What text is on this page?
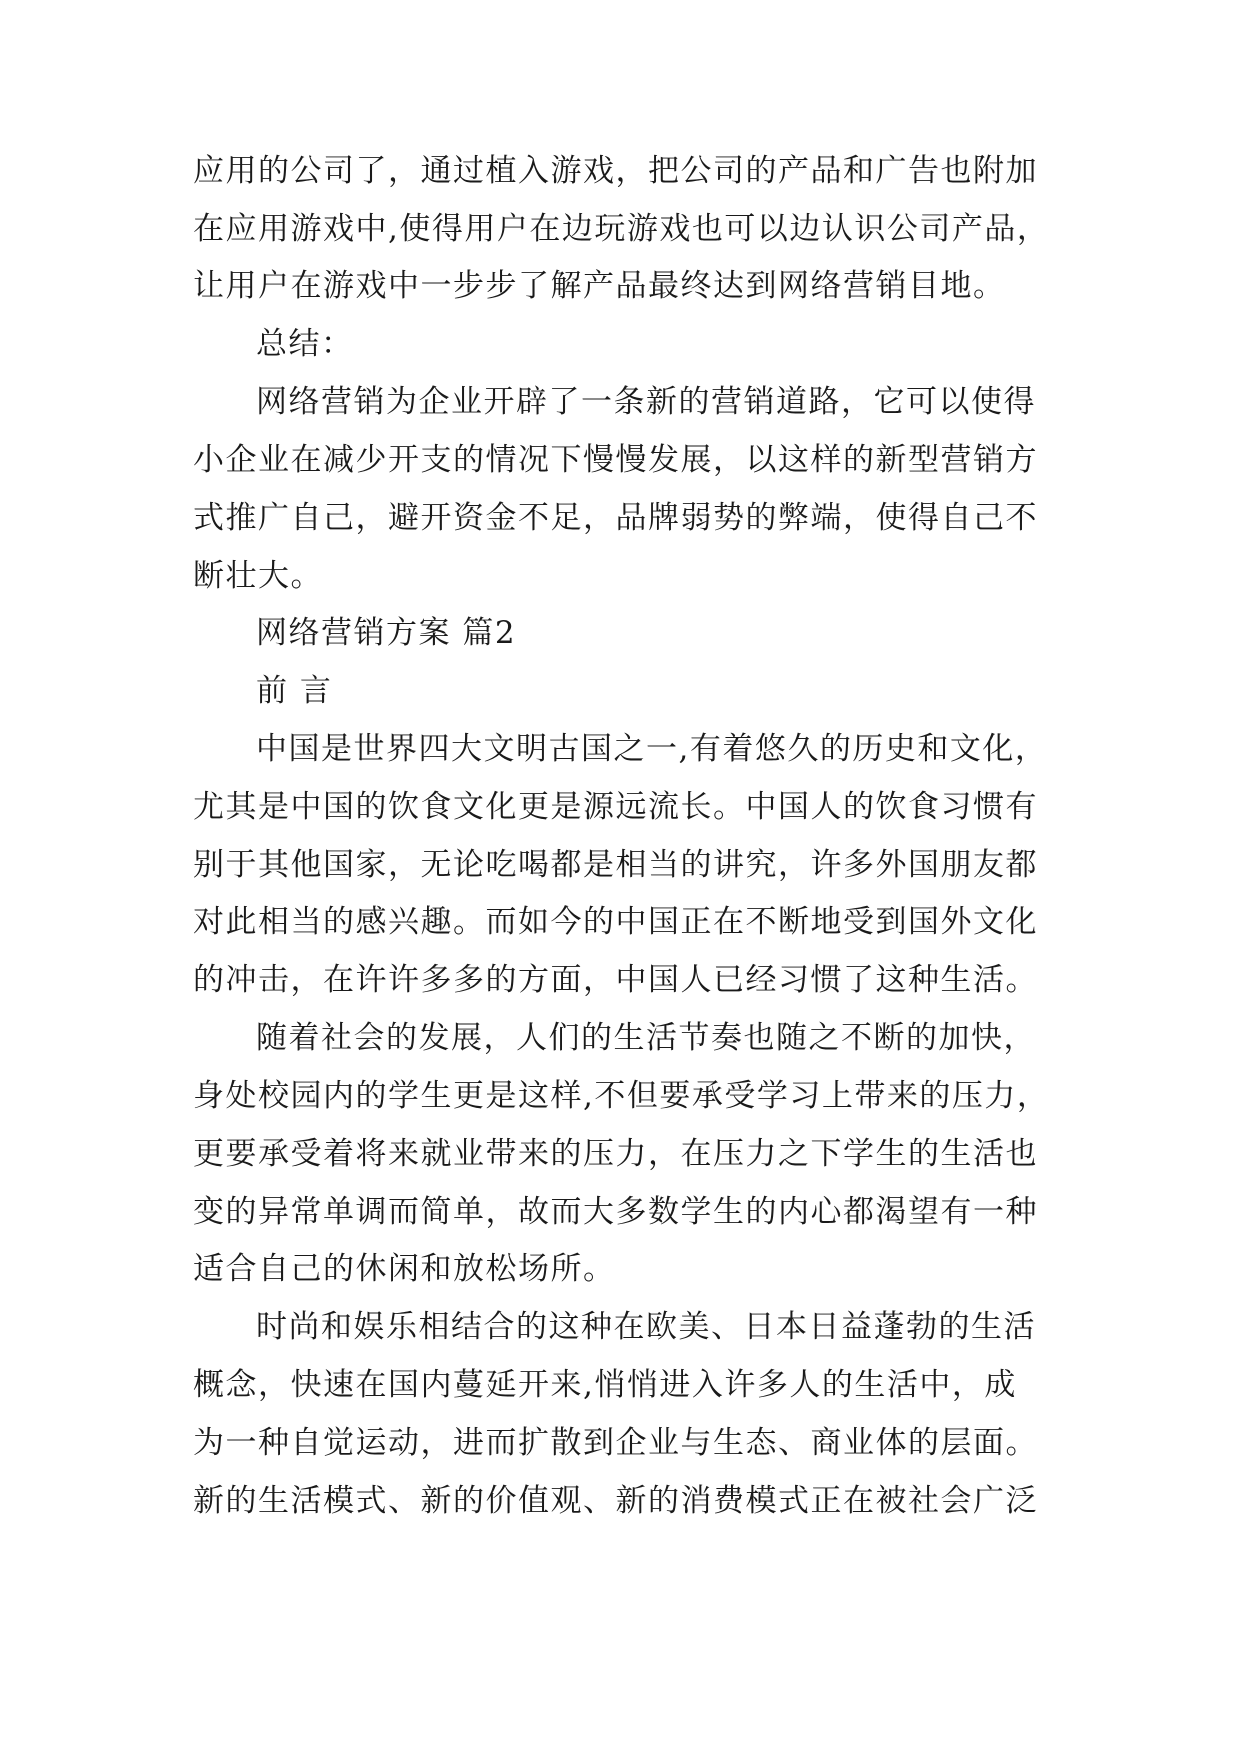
应用的公司了，通过植入游戏，把公司的产品和广告也附加
在应用游戏中,使得用户在边玩游戏也可以边认识公司产品，
让用户在游戏中一步步了解产品最终达到网络营销目地。
总结：
网络营销为企业开辟了一条新的营销道路，它可以使得
小企业在减少开支的情况下慢慢发展，以这样的新型营销方
式推广自己，避开资金不足，品牌弱势的弊端，使得自己不
断壮大。
网络营销方案 篇2
前 言
中国是世界四大文明古国之一,有着悠久的历史和文化，
尤其是中国的饮食文化更是源远流长。中国人的饮食习惯有
别于其他国家，无论吃喝都是相当的讲究，许多外国朋友都
对此相当的感兴趣。而如今的中国正在不断地受到国外文化
的冲击，在许许多多的方面，中国人已经习惯了这种生活。
随着社会的发展，人们的生活节奏也随之不断的加快，
身处校园内的学生更是这样,不但要承受学习上带来的压力，
更要承受着将来就业带来的压力，在压力之下学生的生活也
变的异常单调而简单，故而大多数学生的内心都渴望有一种
适合自己的休闲和放松场所。
时尚和娱乐相结合的这种在欧美、日本日益蓬勃的生活
概念，快速在国内蔓延开来,悄悄进入许多人的生活中，成
为一种自觉运动，进而扩散到企业与生态、商业体的层面。
新的生活模式、新的价值观、新的消费模式正在被社会广泛
